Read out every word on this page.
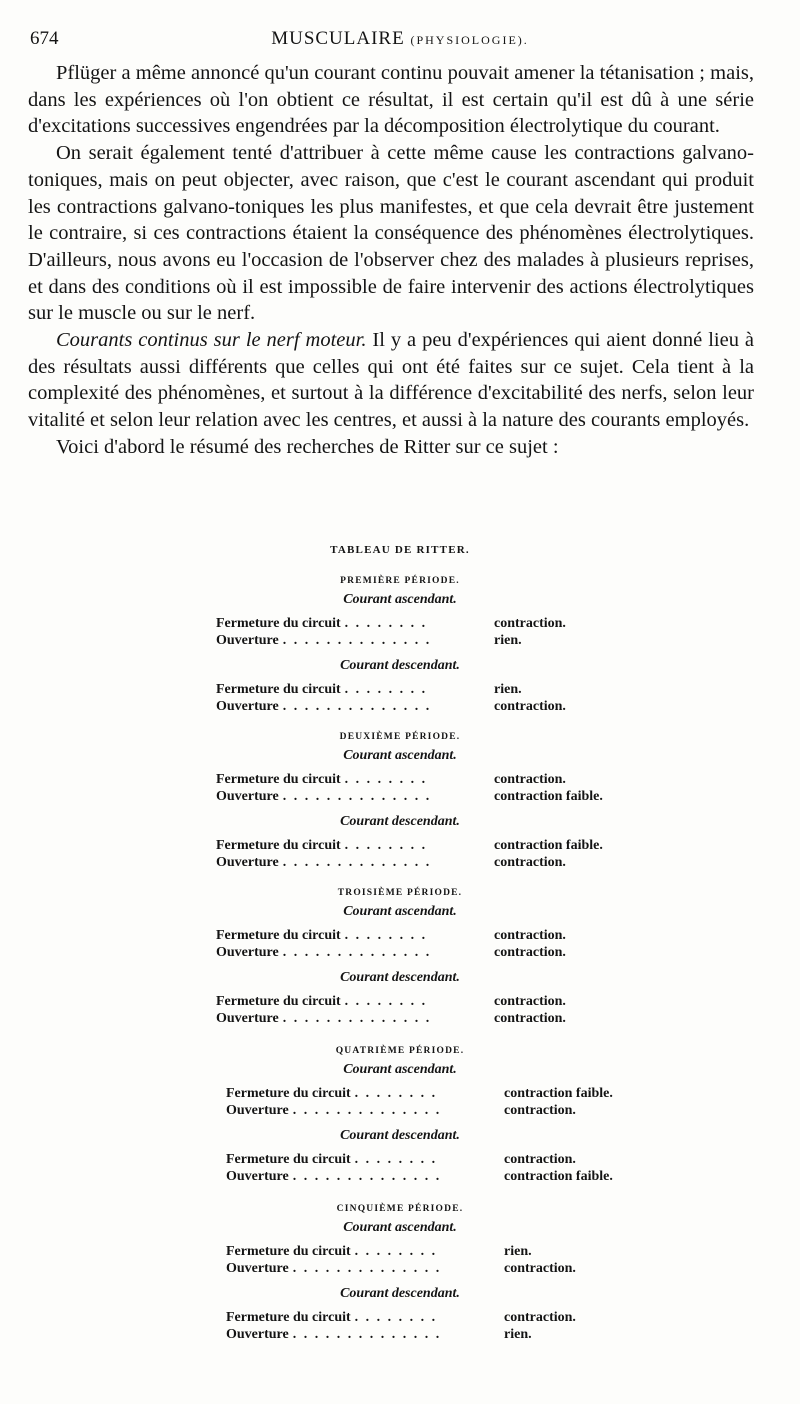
674	MUSCULAIRE (PHYSIOLOGIE).

Pflüger a même annoncé qu'un courant continu pouvait amener la tétanisation ; mais, dans les expériences où l'on obtient ce résultat, il est certain qu'il est dû à une série d'excitations successives engendrées par la décomposition électrolytique du courant.

On serait également tenté d'attribuer à cette même cause les contractions galvano-toniques, mais on peut objecter, avec raison, que c'est le courant ascendant qui produit les contractions galvano-toniques les plus manifestes, et que cela devrait être justement le contraire, si ces contractions étaient la conséquence des phénomènes électrolytiques. D'ailleurs, nous avons eu l'occasion de l'observer chez des malades à plusieurs reprises, et dans des conditions où il est impossible de faire intervenir des actions électrolytiques sur le muscle ou sur le nerf.

Courants continus sur le nerf moteur. Il y a peu d'expériences qui aient donné lieu à des résultats aussi différents que celles qui ont été faites sur ce sujet. Cela tient à la complexité des phénomènes, et surtout à la différence d'excitabilité des nerfs, selon leur vitalité et selon leur relation avec les centres, et aussi à la nature des courants employés.

Voici d'abord le résumé des recherches de Ritter sur ce sujet :

TABLEAU DE RITTER.
PREMIÈRE PÉRIODE.
Courant ascendant.
Fermeture du circuit . . . . . . . .	contraction.
Ouverture . . . . . . . . . . . . . .	rien.
Courant descendant.
Fermeture du circuit . . . . . . . .	rien.
Ouverture . . . . . . . . . . . . . .	contraction.
DEUXIÈME PÉRIODE.
Courant ascendant.
Fermeture du circuit . . . . . . . .	contraction.
Ouverture . . . . . . . . . . . . . .	contraction faible.
Courant descendant.
Fermeture du circuit . . . . . . . .	contraction faible.
Ouverture . . . . . . . . . . . . . .	contraction.
TROISIÈME PÉRIODE.
Courant ascendant.
Fermeture du circuit . . . . . . . .	contraction.
Ouverture . . . . . . . . . . . . . .	contraction.
Courant descendant.
Fermeture du circuit . . . . . . . .	contraction.
Ouverture . . . . . . . . . . . . . .	contraction.
QUATRIÈME PÉRIODE.
Courant ascendant.
Fermeture du circuit . . . . . . . .	contraction faible.
Ouverture . . . . . . . . . . . . . .	contraction.
Courant descendant.
Fermeture du circuit . . . . . . . .	contraction.
Ouverture . . . . . . . . . . . . . .	contraction faible.
CINQUIÈME PÉRIODE.
Courant ascendant.
Fermeture du circuit . . . . . . . .	rien.
Ouverture . . . . . . . . . . . . . .	contraction.
Courant descendant.
Fermeture du circuit . . . . . . . .	contraction.
Ouverture . . . . . . . . . . . . . .	rien.
